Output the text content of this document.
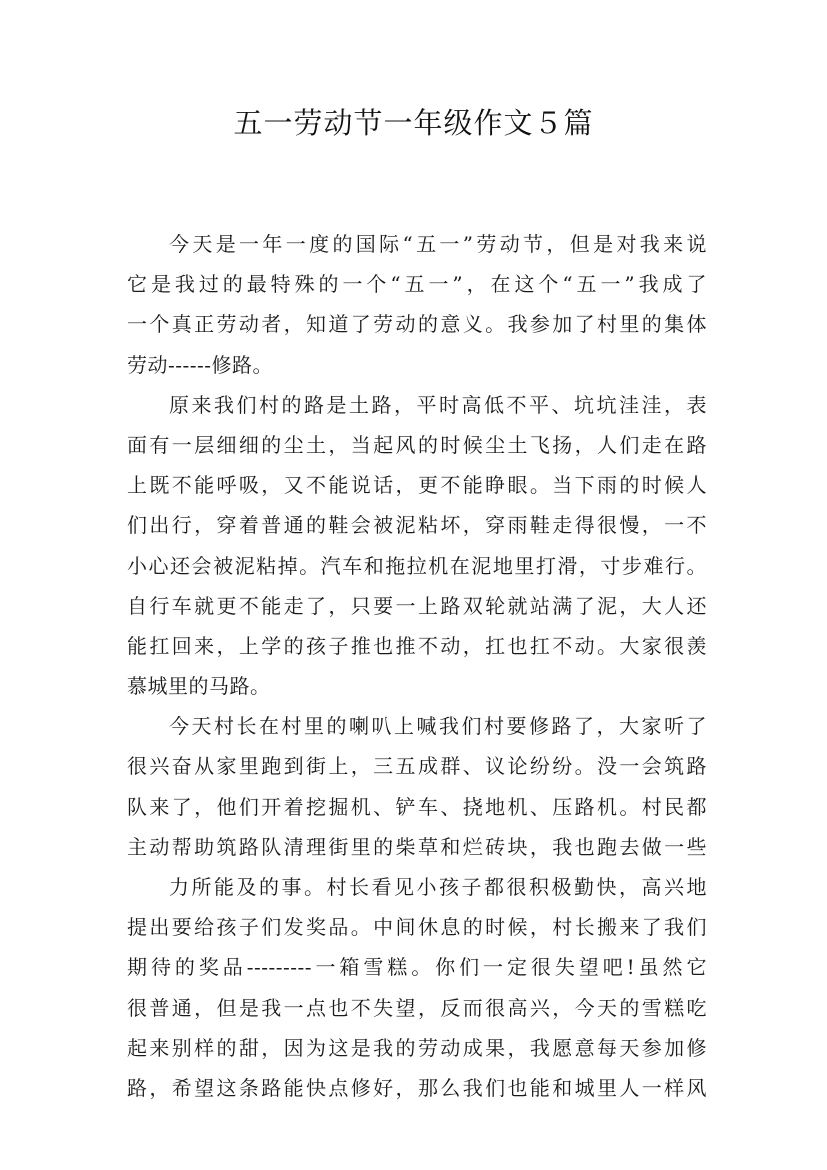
五一劳动节一年级作文５篇
今天是一年一度的国际“五一”劳动节，但是对我来说
它是我过的最特殊的一个“五一”，在这个“五一”我成了
一个真正劳动者，知道了劳动的意义。我参加了村里的集体
劳动------修路。
原来我们村的路是土路，平时高低不平、坑坑洼洼，表
面有一层细细的尘土，当起风的时候尘土飞扬，人们走在路
上既不能呼吸，又不能说话，更不能睁眼。当下雨的时候人
们出行，穿着普通的鞋会被泥粘坏，穿雨鞋走得很慢，一不
小心还会被泥粘掉。汽车和拖拉机在泥地里打滑，寸步难行。
自行车就更不能走了，只要一上路双轮就站满了泥，大人还
能扛回来，上学的孩子推也推不动，扛也扛不动。大家很羡
慕城里的马路。
今天村长在村里的喇叭上喊我们村要修路了，大家听了
很兴奋从家里跑到街上，三五成群、议论纷纷。没一会筑路
队来了，他们开着挖掘机、铲车、挠地机、压路机。村民都
主动帮助筑路队清理街里的柴草和烂砖块，我也跑去做一些
力所能及的事。村长看见小孩子都很积极勤快，高兴地
提出要给孩子们发奖品。中间休息的时候，村长搬来了我们
期待的奖品---------一箱雪糕。你们一定很失望吧!虽然它
很普通，但是我一点也不失望，反而很高兴，今天的雪糕吃
起来别样的甜，因为这是我的劳动成果，我愿意每天参加修
路，希望这条路能快点修好，那么我们也能和城里人一样风
